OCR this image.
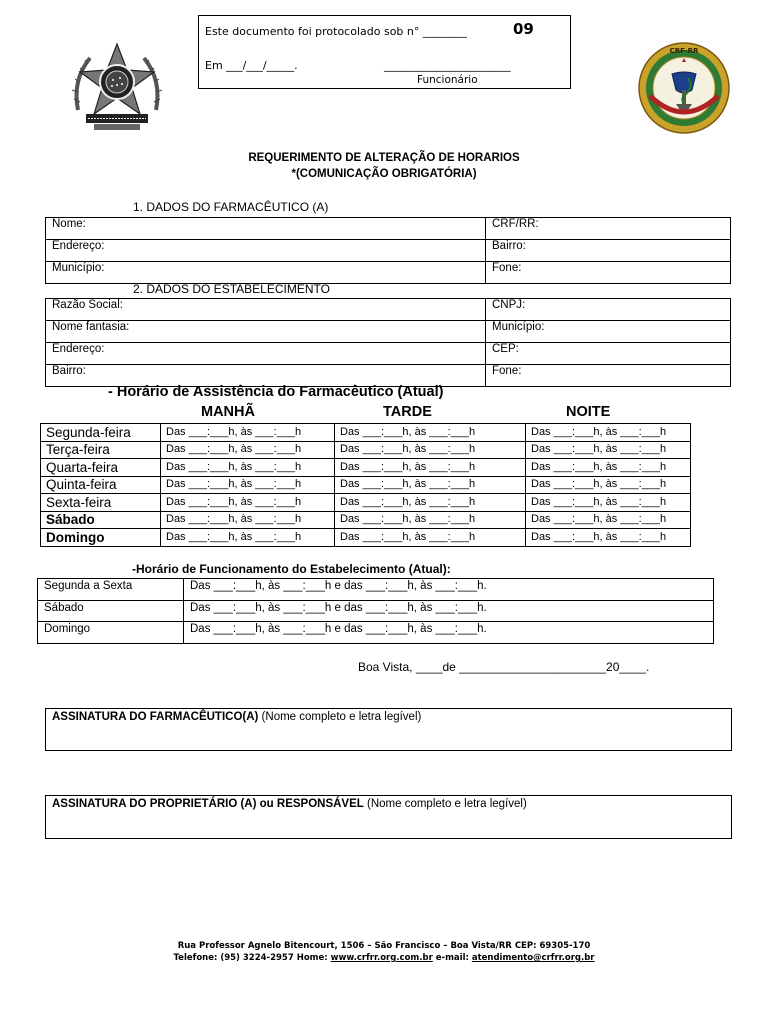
Este documento foi protocolado sob n° ________	09
Em ___/___/_____.	_______________________
Funcionário
CRF-RR
REQUERIMENTO DE ALTERAÇÃO DE HORARIOS
*(COMUNICAÇÃO OBRIGATÓRIA)
1. DADOS DO FARMACÊUTICO (A)
Nome:	CRF/RR:
Endereço:	Bairro:
Município:	Fone:
2. DADOS DO ESTABELECIMENTO
Razão Social:	CNPJ:
Nome fantasia:	Município:
Endereço:	CEP:
Bairro:	Fone:
- Horário de Assistência do Farmacêutico (Atual)
MANHÃ	TARDE	NOITE
Segunda-feira	Das ___:___h, às ___:___h	Das ___:___h, às ___:___h	Das ___:___h, às ___:___h
Terça-feira	Das ___:___h, às ___:___h	Das ___:___h, às ___:___h	Das ___:___h, às ___:___h
Quarta-feira	Das ___:___h, às ___:___h	Das ___:___h, às ___:___h	Das ___:___h, às ___:___h
Quinta-feira	Das ___:___h, às ___:___h	Das ___:___h, às ___:___h	Das ___:___h, às ___:___h
Sexta-feira	Das ___:___h, às ___:___h	Das ___:___h, às ___:___h	Das ___:___h, às ___:___h
Sábado	Das ___:___h, às ___:___h	Das ___:___h, às ___:___h	Das ___:___h, às ___:___h
Domingo	Das ___:___h, às ___:___h	Das ___:___h, às ___:___h	Das ___:___h, às ___:___h
-Horário de Funcionamento do Estabelecimento (Atual):
Segunda a Sexta	Das ___:___h, às ___:___h e das ___:___h, às ___:___h.
Sábado	Das ___:___h, às ___:___h e das ___:___h, às ___:___h.
Domingo	Das ___:___h, às ___:___h e das ___:___h, às ___:___h.
Boa Vista, ____de ______________________20____.
ASSINATURA DO FARMACÊUTICO(A) (Nome completo e letra legível)
ASSINATURA DO PROPRIETÁRIO (A) ou RESPONSÁVEL (Nome completo e letra legível)
Rua Professor Agnelo Bitencourt, 1506 – São Francisco – Boa Vista/RR CEP: 69305-170
Telefone: (95) 3224-2957 Home: www.crfrr.org.com.br e-mail: atendimento@crfrr.org.br
